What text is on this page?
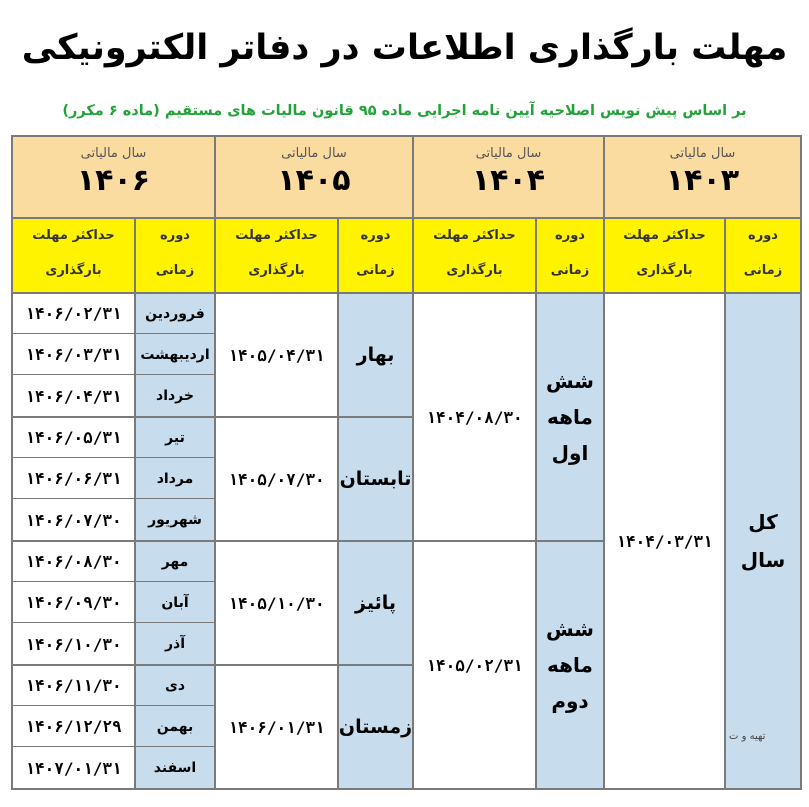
مهلت بارگذاری اطلاعات در دفاتر الکترونیکی
بر اساس پیش نویس اصلاحیه آیین نامه اجرایی ماده ۹۵ قانون مالیات های مستقیم (ماده ۶ مکرر)
سال مالیاتی
۱۴۰۳
سال مالیاتی
۱۴۰۴
سال مالیاتی
۱۴۰۵
سال مالیاتی
۱۴۰۶
دوره
زمانی
حداکثر مهلت
بارگذاری
دوره
زمانی
حداکثر مهلت
بارگذاری
دوره
زمانی
حداکثر مهلت
بارگذاری
دوره
زمانی
حداکثر مهلت
بارگذاری
کل
سال
۱۴۰۴/۰۳/۳۱
تهیه و ت
شش
ماهه
اول
شش
ماهه
دوم
۱۴۰۴/۰۸/۳۰
۱۴۰۵/۰۲/۳۱
بهار
تابستان
پائیز
زمستان
۱۴۰۵/۰۴/۳۱
۱۴۰۵/۰۷/۳۰
۱۴۰۵/۱۰/۳۰
۱۴۰۶/۰۱/۳۱
فروردین
۱۴۰۶/۰۲/۳۱
اردیبهشت
۱۴۰۶/۰۳/۳۱
خرداد
۱۴۰۶/۰۴/۳۱
تیر
۱۴۰۶/۰۵/۳۱
مرداد
۱۴۰۶/۰۶/۳۱
شهریور
۱۴۰۶/۰۷/۳۰
مهر
۱۴۰۶/۰۸/۳۰
آبان
۱۴۰۶/۰۹/۳۰
آذر
۱۴۰۶/۱۰/۳۰
دی
۱۴۰۶/۱۱/۳۰
بهمن
۱۴۰۶/۱۲/۲۹
اسفند
۱۴۰۷/۰۱/۳۱
